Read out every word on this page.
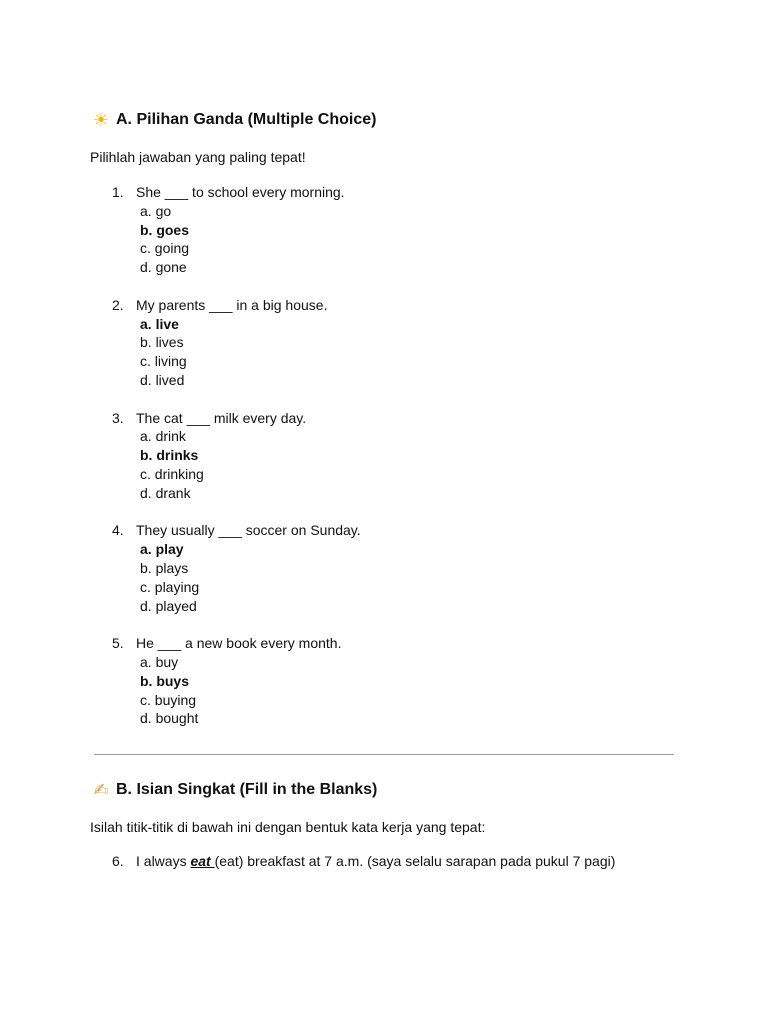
☀ A. Pilihan Ganda (Multiple Choice)
Pilihlah jawaban yang paling tepat!
1. She ___ to school every morning.
a. go
b. goes
c. going
d. gone
2. My parents ___ in a big house.
a. live
b. lives
c. living
d. lived
3. The cat ___ milk every day.
a. drink
b. drinks
c. drinking
d. drank
4. They usually ___ soccer on Sunday.
a. play
b. plays
c. playing
d. played
5. He ___ a new book every month.
a. buy
b. buys
c. buying
d. bought
✍ B. Isian Singkat (Fill in the Blanks)
Isilah titik-titik di bawah ini dengan bentuk kata kerja yang tepat:
6. I always eat (eat) breakfast at 7 a.m. (saya selalu sarapan pada pukul 7 pagi)
